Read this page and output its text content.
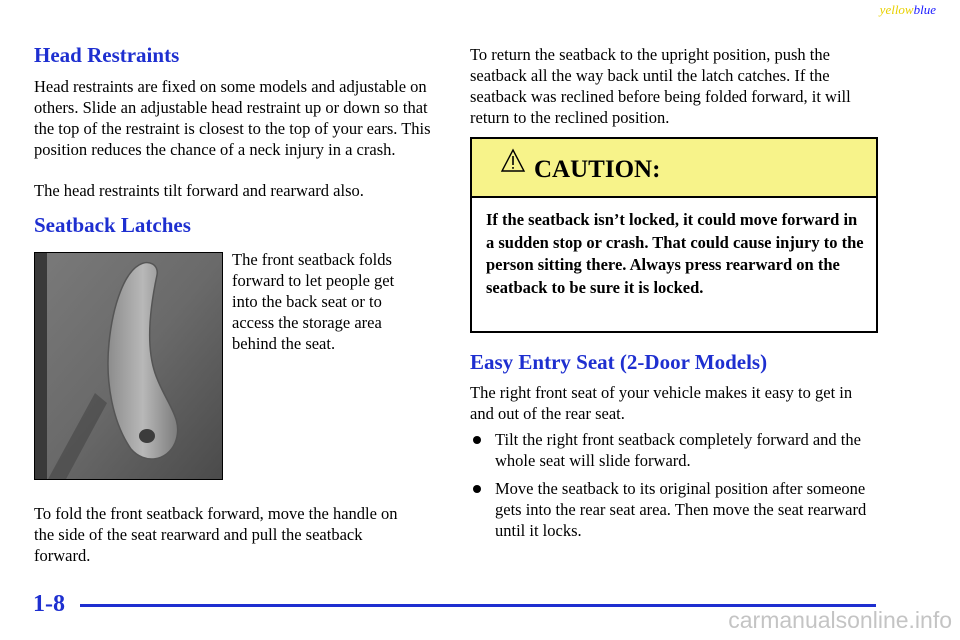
yellowblue
Head Restraints

Head restraints are fixed on some models and adjustable on others. Slide an adjustable head restraint up or down so that the top of the restraint is closest to the top of your ears. This position reduces the chance of a neck injury in a crash.

The head restraints tilt forward and rearward also.

Seatback Latches

The front seatback folds forward to let people get into the back seat or to access the storage area behind the seat.

To fold the front seatback forward, move the handle on the side of the seat rearward and pull the seatback forward.

To return the seatback to the upright position, push the seatback all the way back until the latch catches. If the seatback was reclined before being folded forward, it will return to the reclined position.

CAUTION:
If the seatback isn’t locked, it could move forward in a sudden stop or crash. That could cause injury to the person sitting there. Always press rearward on the seatback to be sure it is locked.
Easy Entry Seat (2-Door Models)

The right front seat of your vehicle makes it easy to get in and out of the rear seat.

Tilt the right front seatback completely forward and the whole seat will slide forward.
Move the seatback to its original position after someone gets into the rear seat area. Then move the seat rearward until it locks.
1-8
carmanualsonline.info
